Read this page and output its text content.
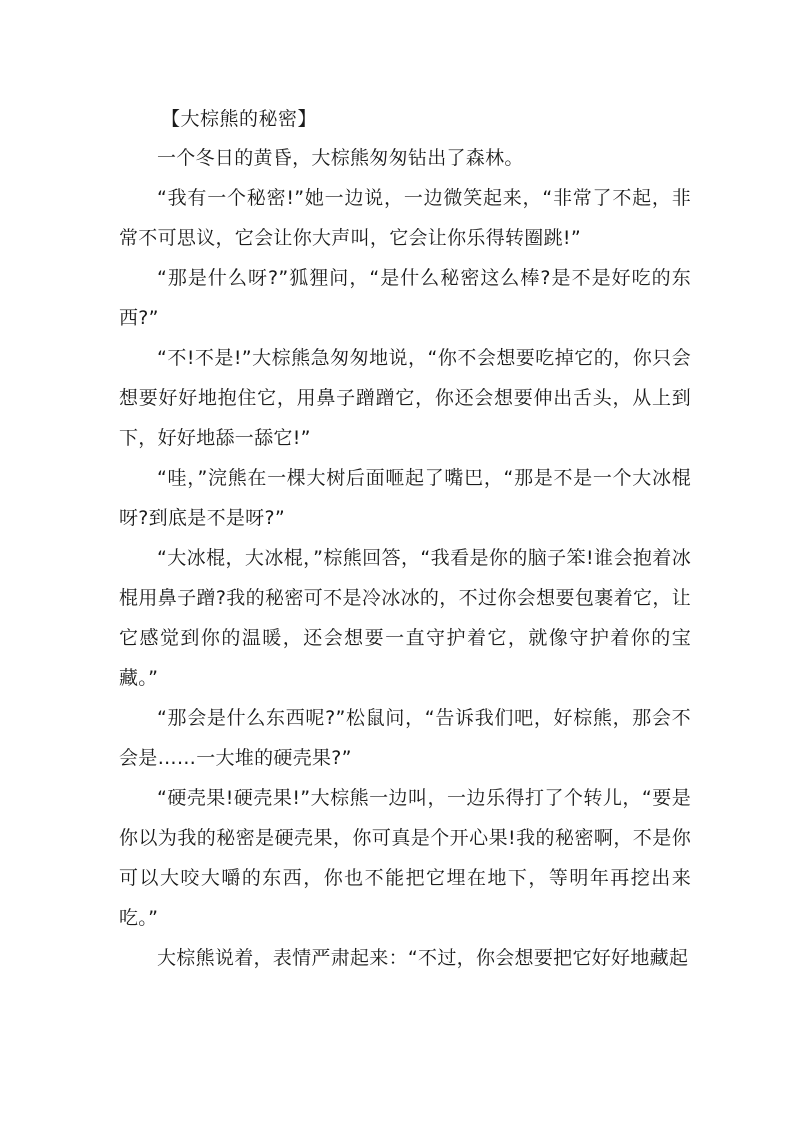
【大棕熊的秘密】

一个冬日的黄昏，大棕熊匆匆钻出了森林。

“我有一个秘密!”她一边说，一边微笑起来，“非常了不起，非常不可思议，它会让你大声叫，它会让你乐得转圈跳!”

“那是什么呀?”狐狸问，“是什么秘密这么棒?是不是好吃的东西?”

“不!不是!”大棕熊急匆匆地说，“你不会想要吃掉它的，你只会想要好好地抱住它，用鼻子蹭蹭它，你还会想要伸出舌头，从上到下，好好地舔一舔它!”

“哇，”浣熊在一棵大树后面咂起了嘴巴，“那是不是一个大冰棍呀?到底是不是呀?”

“大冰棍，大冰棍，”棕熊回答，“我看是你的脑子笨!谁会抱着冰棍用鼻子蹭?我的秘密可不是冷冰冰的，不过你会想要包裹着它，让它感觉到你的温暖，还会想要一直守护着它，就像守护着你的宝藏。”

“那会是什么东西呢?”松鼠问，“告诉我们吧，好棕熊，那会不会是……一大堆的硬壳果?”

“硬壳果!硬壳果!”大棕熊一边叫，一边乐得打了个转儿，“要是你以为我的秘密是硬壳果，你可真是个开心果!我的秘密啊，不是你可以大咬大嚼的东西，你也不能把它埋在地下，等明年再挖出来吃。”

大棕熊说着，表情严肃起来：“不过，你会想要把它好好地藏起
